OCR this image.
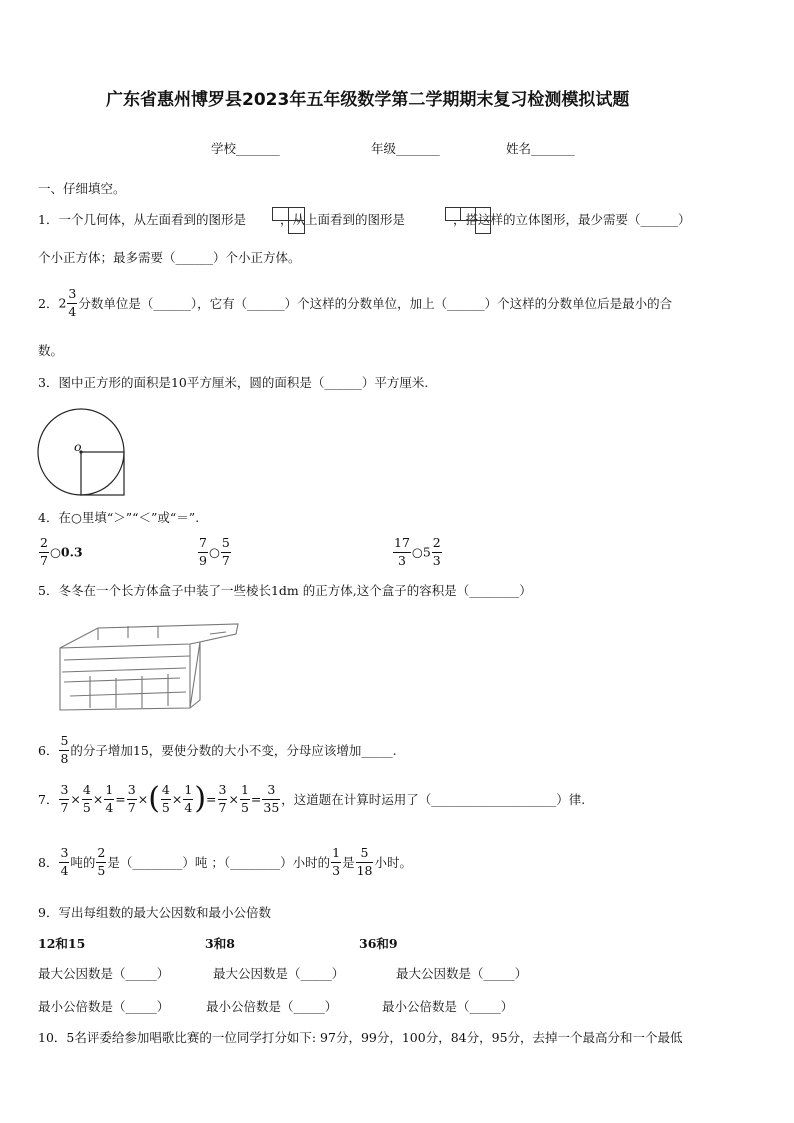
广东省惠州博罗县2023年五年级数学第二学期期末复习检测模拟试题
学校_______	年级_______	姓名_______
一、仔细填空。
1．一个几何体，从左面看到的图形是	，从上面看到的图形是	，搭这样的立体图形，最少需要（______）
个小正方体；最多需要（______）个小正方体。
2．$2 \frac{3}{4}$ 分数单位是（______），它有（______）个这样的分数单位，加上（______）个这样的分数单位后是最小的合
数。
3．图中正方形的面积是10平方厘米，圆的面积是（______）平方厘米.
o
4．在○里填“＞”“＜”或“＝”.
$\frac{2}{7}$ ○0.3	$\frac{7}{9}$ ○ $\frac{5}{7}$	$\frac{17}{3}$ ○5 $\frac{2}{3}$
5．冬冬在一个长方体盒子中装了一些棱长1dm 的正方体,这个盒子的容积是（________）
6． $\frac{5}{8}$ 的分子增加15，要使分数的大小不变，分母应该增加_____.
7． $\frac{3}{7} \times \frac{4}{5} \times \frac{1}{4} = \frac{3}{7}$ ×( $\frac{4}{5} \times \frac{1}{4}$ )= $\frac{3}{7} \times \frac{1}{5} = \frac{3}{35}$ ，这道题在计算时运用了（____________________）律.
8． $\frac{3}{4}$ 吨的 $\frac{2}{5}$ 是（________）吨 ；（________）小时的 $\frac{1}{3}$ 是 $\frac{5}{18}$ 小时。
9．写出每组数的最大公因数和最小公倍数
12和15	3和8	36和9
最大公因数是（_____）	最大公因数是（_____）	最大公因数是（_____）
最小公倍数是（_____）	最小公倍数是（_____）	最小公倍数是（_____）
10．5名评委给参加唱歌比赛的一位同学打分如下: 97分，99分，100分，84分，95分，去掉一个最高分和一个最低
